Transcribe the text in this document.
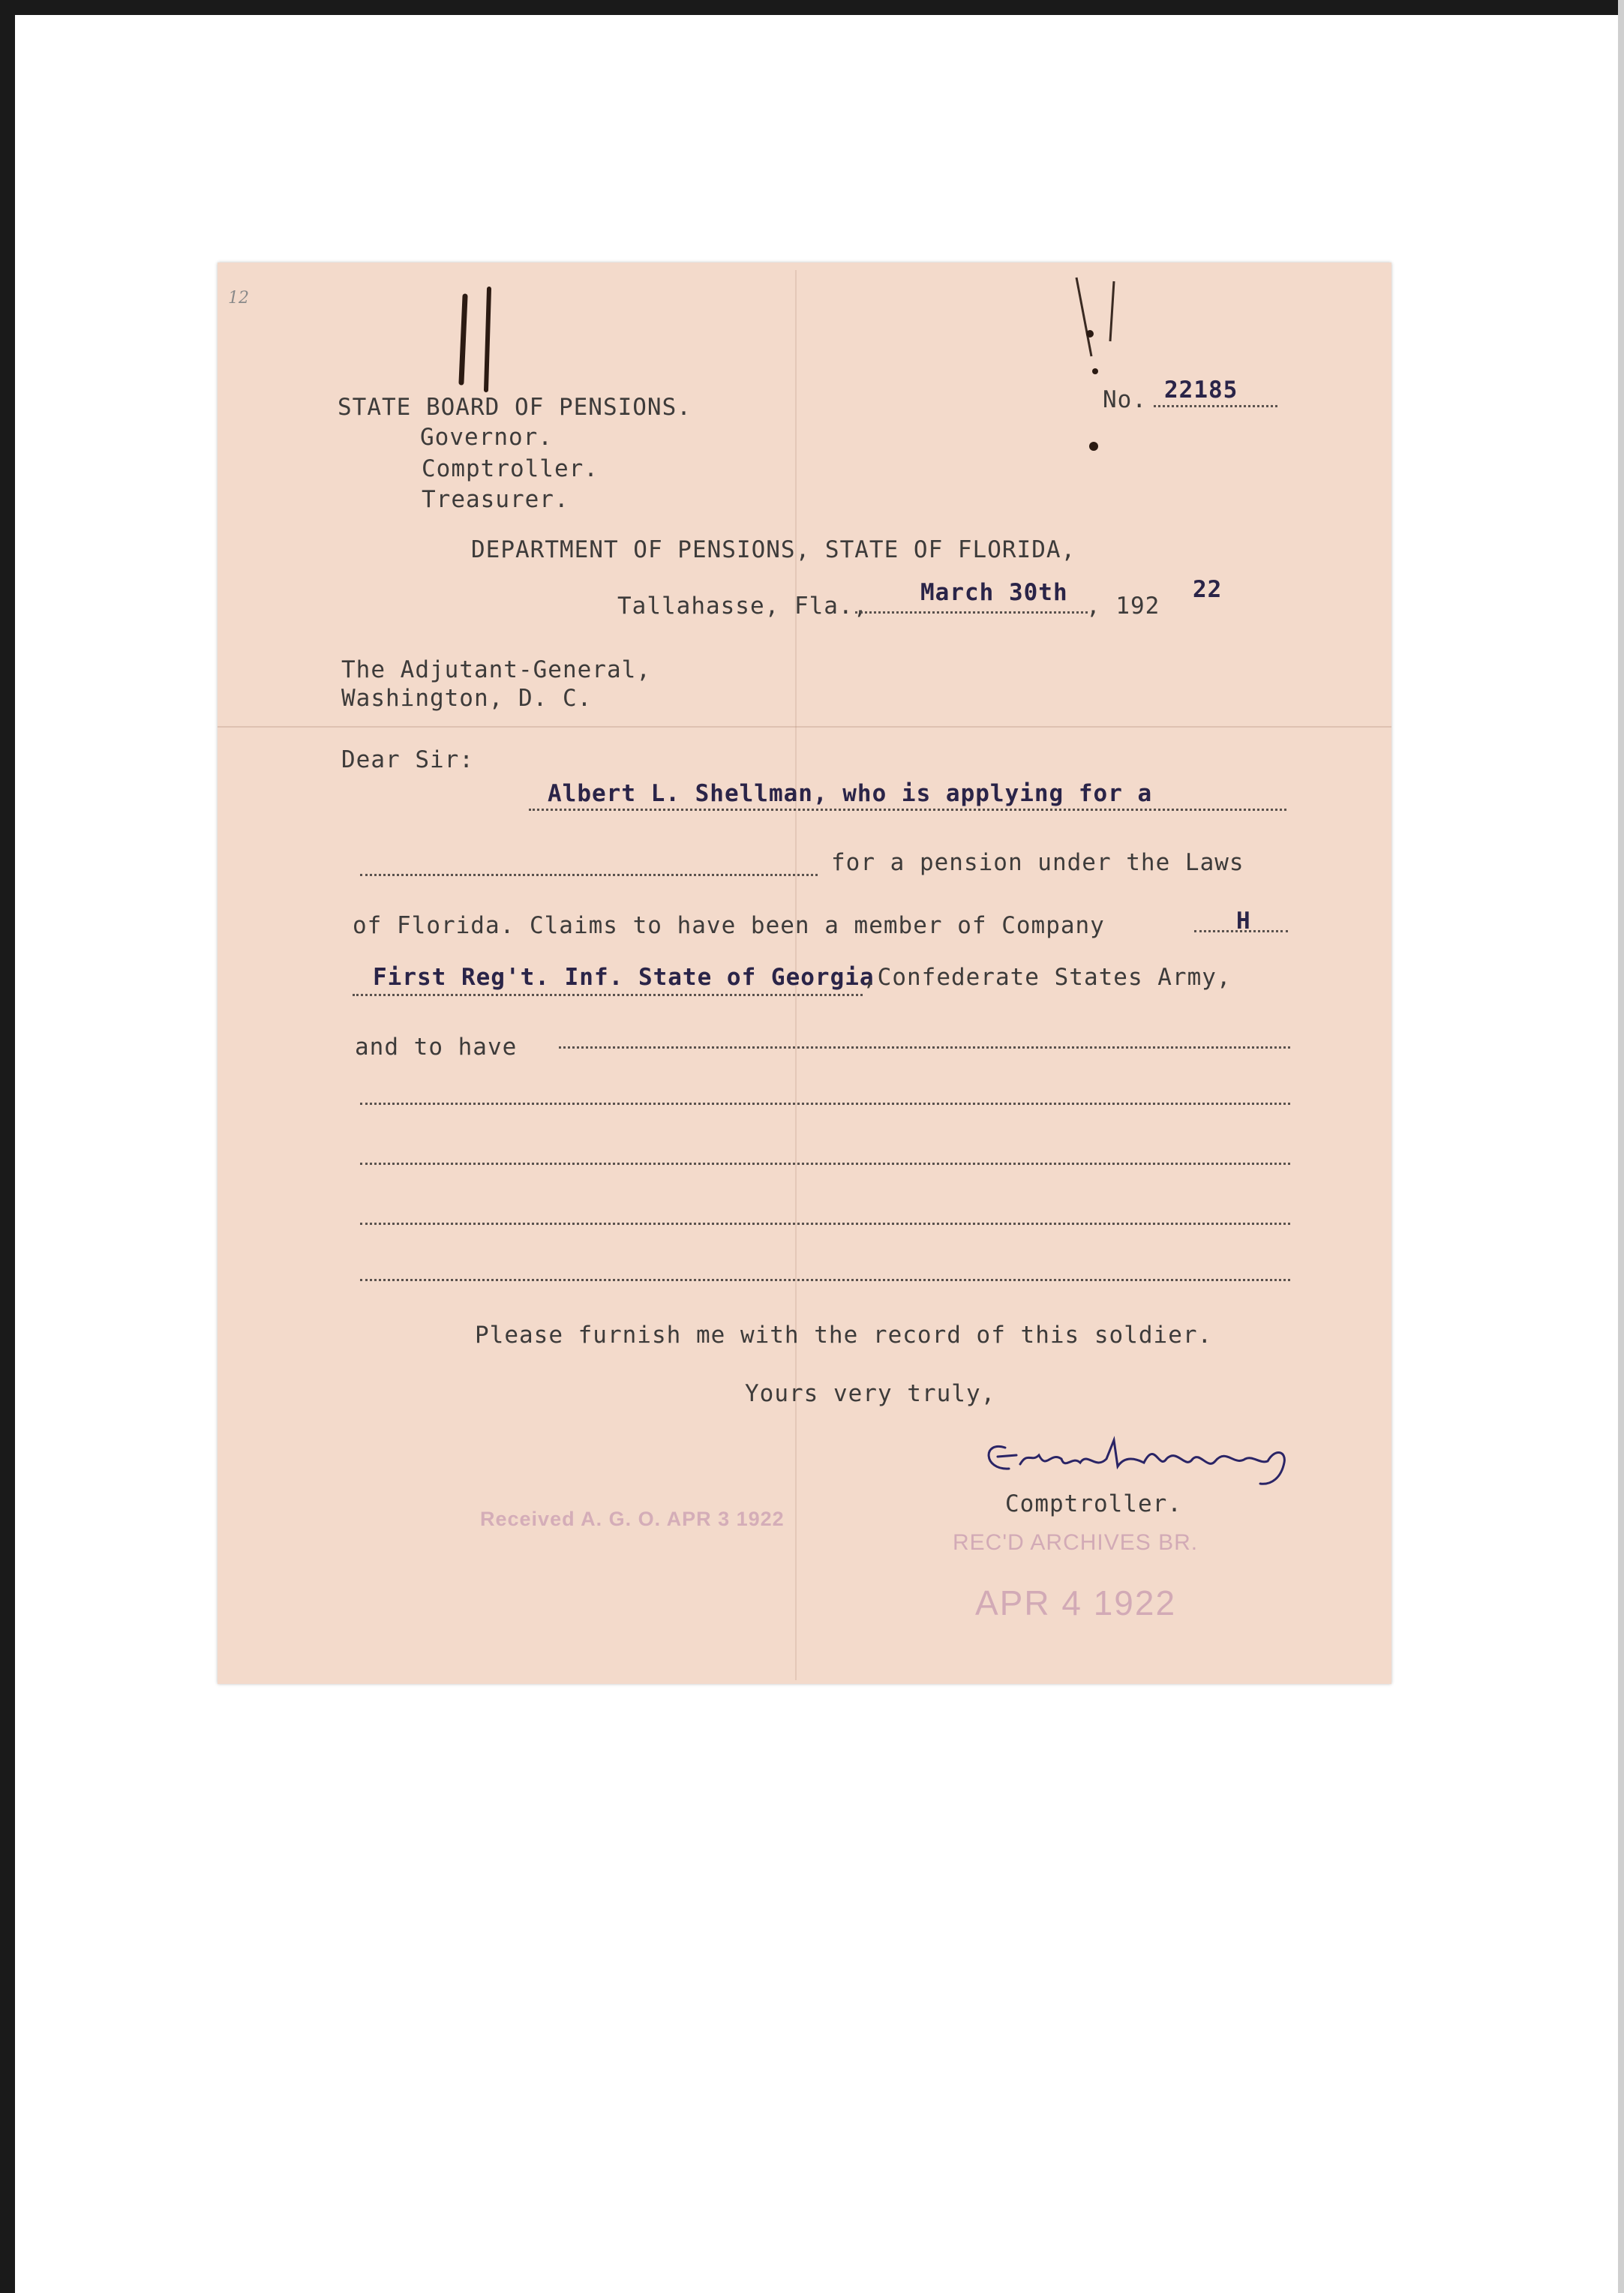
12
STATE BOARD OF PENSIONS.
Governor.
Comptroller.
Treasurer.
No. 22185
DEPARTMENT OF PENSIONS, STATE OF FLORIDA,
Tallahasse, Fla., March 30th , 192
22
The Adjutant-General,
Washington, D. C.
Dear Sir:
Albert L. Shellman, who is applying for a
for a pension under the Laws
of Florida. Claims to have been a member of Company	H
First Reg't. Inf. State of Georgia
,Confederate States Army,
and to have
Please furnish me with the record of this soldier.
Yours very truly,
Comptroller.
Received A. G. O. APR 3 1922
REC'D ARCHIVES BR.
APR 4 1922
